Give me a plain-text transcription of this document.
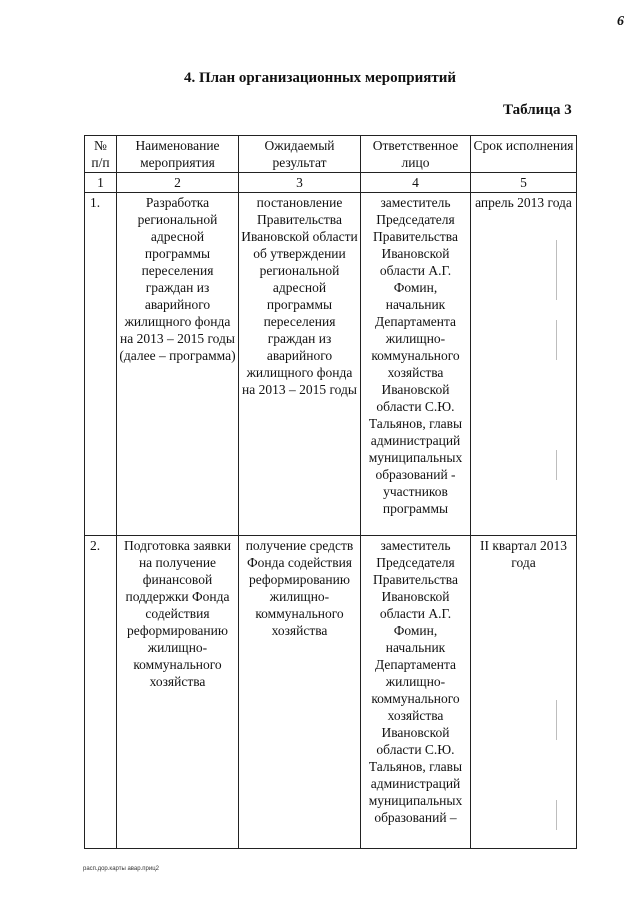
6
4. План организационных мероприятий
Таблица 3
№ п/п	Наименование мероприятия	Ожидаемый результат	Ответственное лицо	Срок исполнения
1	2	3	4	5
1.	Разработка региональной адресной программы переселения граждан из аварийного жилищного фонда на 2013 – 2015 годы (далее – программа)	постановление Правительства Ивановской области об утверждении региональной адресной программы переселения граждан из аварийного жилищного фонда на 2013 – 2015 годы	заместитель Председателя Правительства Ивановской области А.Г. Фомин, начальник Департамента жилищно-коммунального хозяйства Ивановской области С.Ю. Тальянов, главы администраций муниципальных образований - участников программы	апрель 2013 года
2.	Подготовка заявки на получение финансовой поддержки Фонда содействия реформированию жилищно-коммунального хозяйства	получение средств Фонда содействия реформированию жилищно-коммунального хозяйства	заместитель Председателя Правительства Ивановской области А.Г. Фомин, начальник Департамента жилищно-коммунального хозяйства Ивановской области С.Ю. Тальянов, главы администраций муниципальных образований –	II квартал 2013 года
расп.дор.карты авар.приц2
